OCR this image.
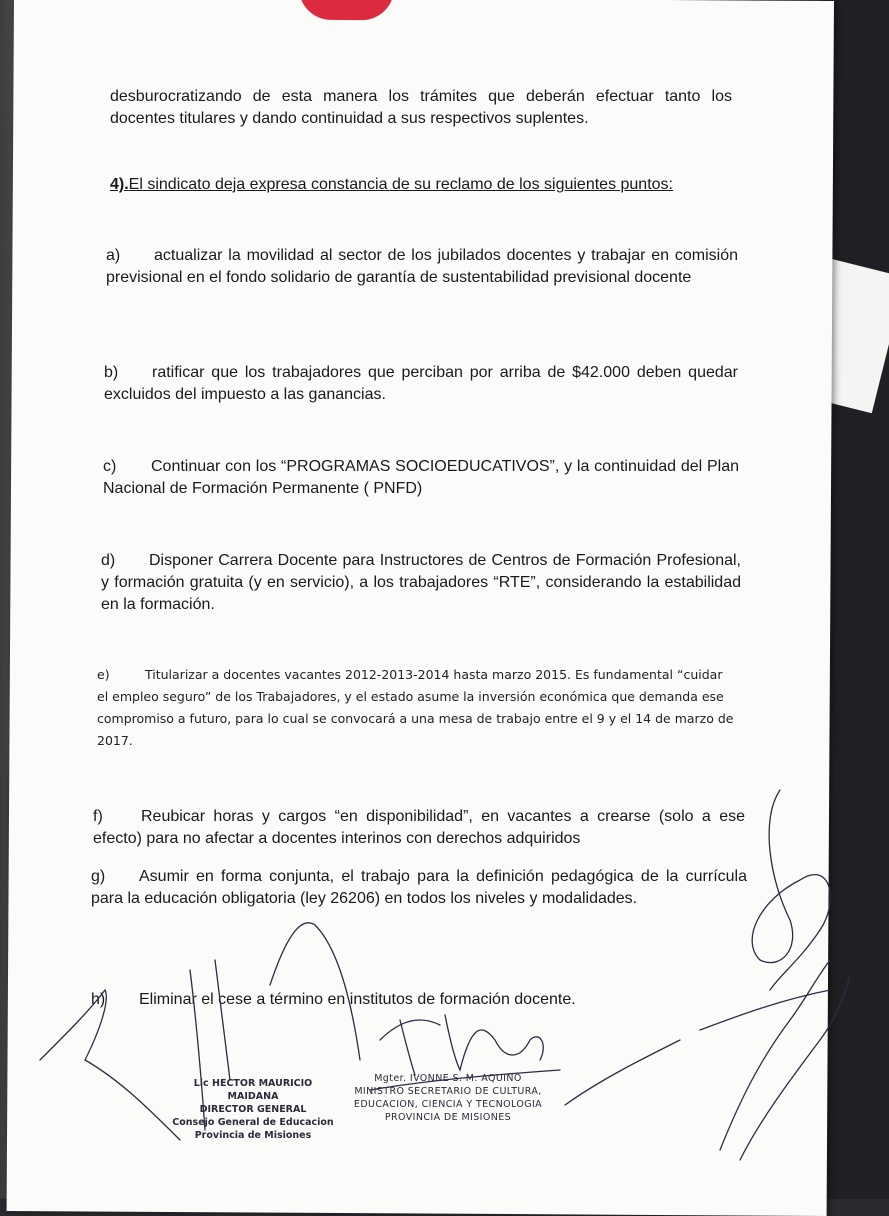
desburocratizando de esta manera los trámites que deberán efectuar tanto los docentes titulares y dando continuidad a sus respectivos suplentes.

4).El sindicato deja expresa constancia de su reclamo de los siguientes puntos:

a) actualizar la movilidad al sector de los jubilados docentes y trabajar en comisión previsional en el fondo solidario de garantía de sustentabilidad previsional docente

b) ratificar que los trabajadores que perciban por arriba de $42.000 deben quedar excluidos del impuesto a las ganancias.

c) Continuar con los “PROGRAMAS SOCIOEDUCATIVOS”, y la continuidad del Plan Nacional de Formación Permanente ( PNFD)

d) Disponer Carrera Docente para Instructores de Centros de Formación Profesional, y formación gratuita (y en servicio), a los trabajadores “RTE”, considerando la estabilidad en la formación.

e)	Titularizar a docentes vacantes 2012-2013-2014 hasta marzo 2015. Es fundamental “cuidar el empleo seguro” de los Trabajadores, y el estado asume la inversión económica que demanda ese compromiso a futuro, para lo cual se convocará a una mesa de trabajo entre el 9 y el 14 de marzo de 2017.

f) Reubicar horas y cargos “en disponibilidad”, en vacantes a crearse (solo a ese efecto) para no afectar a docentes interinos con derechos adquiridos

g) Asumir en forma conjunta, el trabajo para la definición pedagógica de la currícula para la educación obligatoria (ley 26206) en todos los niveles y modalidades.

h) Eliminar el cese a término en institutos de formación docente.

Lic HECTOR MAURICIO MAIDANA
DIRECTOR GENERAL
Consejo General de Educacion
Provincia de Misiones
Mgter. IVONNE S. M. AQUINO
MINISTRO SECRETARIO DE CULTURA,
EDUCACION, CIENCIA Y TECNOLOGIA
PROVINCIA DE MISIONES
